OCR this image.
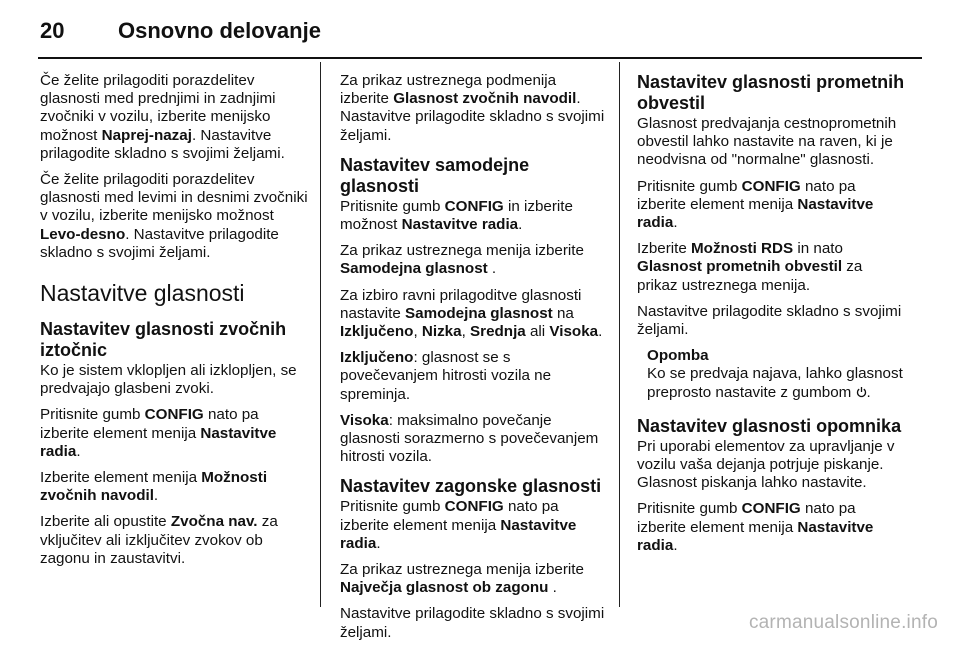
20	Osnovno delovanje

Če želite prilagoditi porazdelitev glasnosti med prednjimi in zadnjimi zvočniki v vozilu, izberite menijsko možnost Naprej-nazaj. Nastavitve prilagodite skladno s svojimi željami.

Če želite prilagoditi porazdelitev glasnosti med levimi in desnimi zvočniki v vozilu, izberite menijsko možnost Levo-desno. Nastavitve prilagodite skladno s svojimi željami.

Nastavitve glasnosti
Nastavitev glasnosti zvočnih iztočnic

Ko je sistem vklopljen ali izklopljen, se predvajajo glasbeni zvoki.

Pritisnite gumb CONFIG nato pa izberite element menija Nastavitve radia.

Izberite element menija Možnosti zvočnih navodil.

Izberite ali opustite Zvočna nav. za vključitev ali izključitev zvokov ob zagonu in zaustavitvi.

Za prikaz ustreznega podmenija izberite Glasnost zvočnih navodil. Nastavitve prilagodite skladno s svojimi željami.

Nastavitev samodejne glasnosti

Pritisnite gumb CONFIG in izberite možnost Nastavitve radia.

Za prikaz ustreznega menija izberite Samodejna glasnost .

Za izbiro ravni prilagoditve glasnosti nastavite Samodejna glasnost na Izključeno, Nizka, Srednja ali Visoka.

Izključeno: glasnost se s povečevanjem hitrosti vozila ne spreminja.

Visoka: maksimalno povečanje glasnosti sorazmerno s povečevanjem hitrosti vozila.

Nastavitev zagonske glasnosti

Pritisnite gumb CONFIG nato pa izberite element menija Nastavitve radia.

Za prikaz ustreznega menija izberite Največja glasnost ob zagonu .

Nastavitve prilagodite skladno s svojimi željami.

Nastavitev glasnosti prometnih obvestil

Glasnost predvajanja cestnoprometnih obvestil lahko nastavite na raven, ki je neodvisna od "normalne" glasnosti.

Pritisnite gumb CONFIG nato pa izberite element menija Nastavitve radia.

Izberite Možnosti RDS in nato Glasnost prometnih obvestil za prikaz ustreznega menija.

Nastavitve prilagodite skladno s svojimi željami.

Opomba
Ko se predvaja najava, lahko glasnost preprosto nastavite z gumbom .
Nastavitev glasnosti opomnika

Pri uporabi elementov za upravljanje v vozilu vaša dejanja potrjuje piskanje. Glasnost piskanja lahko nastavite.

Pritisnite gumb CONFIG nato pa izberite element menija Nastavitve radia.

carmanualsonline.info
